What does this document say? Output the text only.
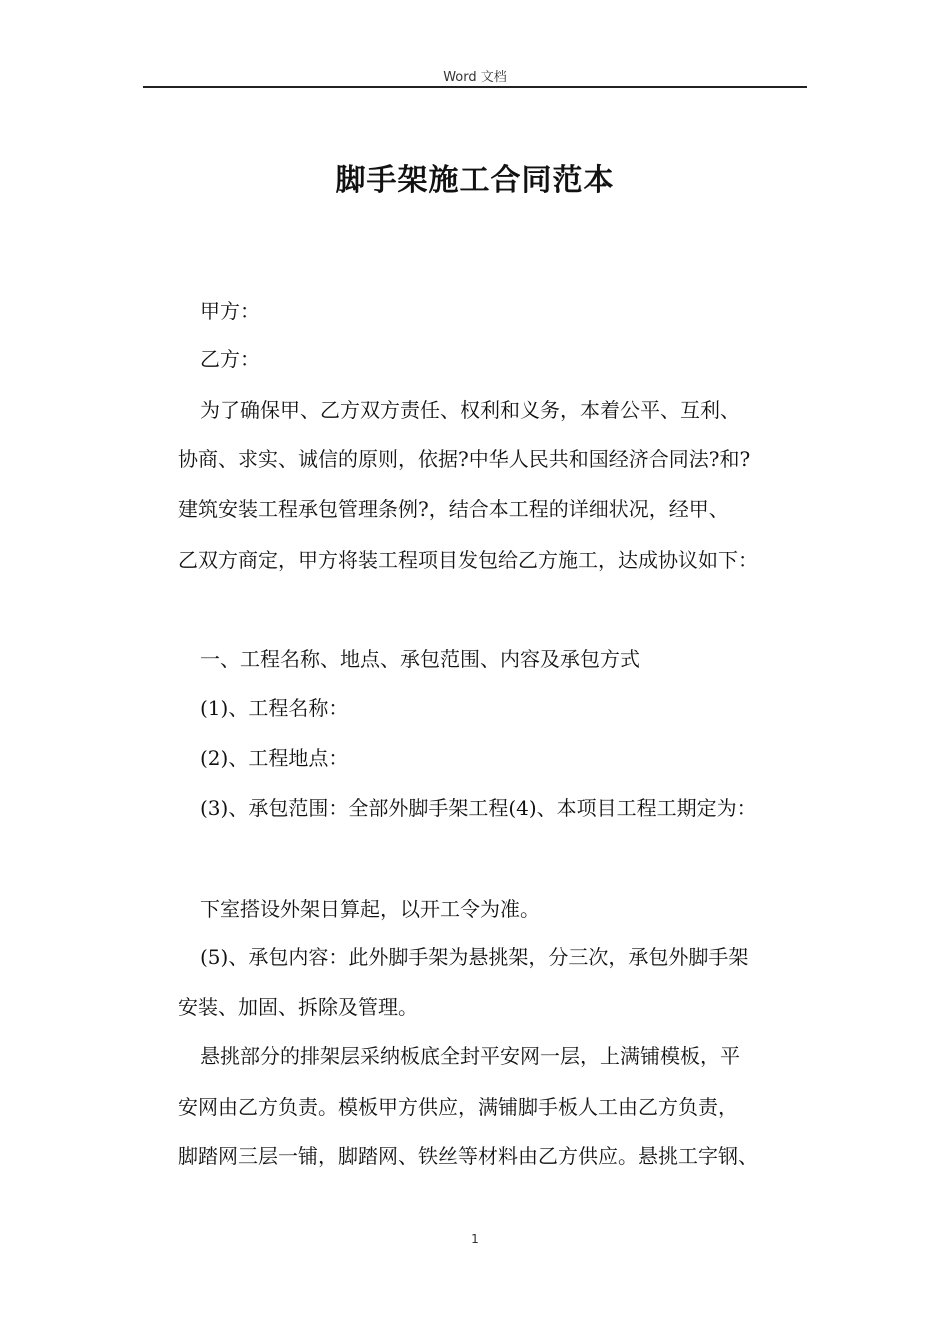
Word 文档
脚手架施工合同范本
甲方：
乙方：
为了确保甲、乙方双方责任、权利和义务，本着公平、互利、
协商、求实、诚信的原则，依据?中华人民共和国经济合同法?和?
建筑安装工程承包管理条例?，结合本工程的详细状况，经甲、
乙双方商定，甲方将装工程项目发包给乙方施工，达成协议如下：
一、工程名称、地点、承包范围、内容及承包方式
(1)、工程名称：
(2)、工程地点：
(3)、承包范围：全部外脚手架工程(4)、本项目工程工期定为：
下室搭设外架日算起，以开工令为准。
(5)、承包内容：此外脚手架为悬挑架，分三次，承包外脚手架
安装、加固、拆除及管理。
悬挑部分的排架层采纳板底全封平安网一层，上满铺模板，平
安网由乙方负责。模板甲方供应，满铺脚手板人工由乙方负责，
脚踏网三层一铺，脚踏网、铁丝等材料由乙方供应。悬挑工字钢、
1
